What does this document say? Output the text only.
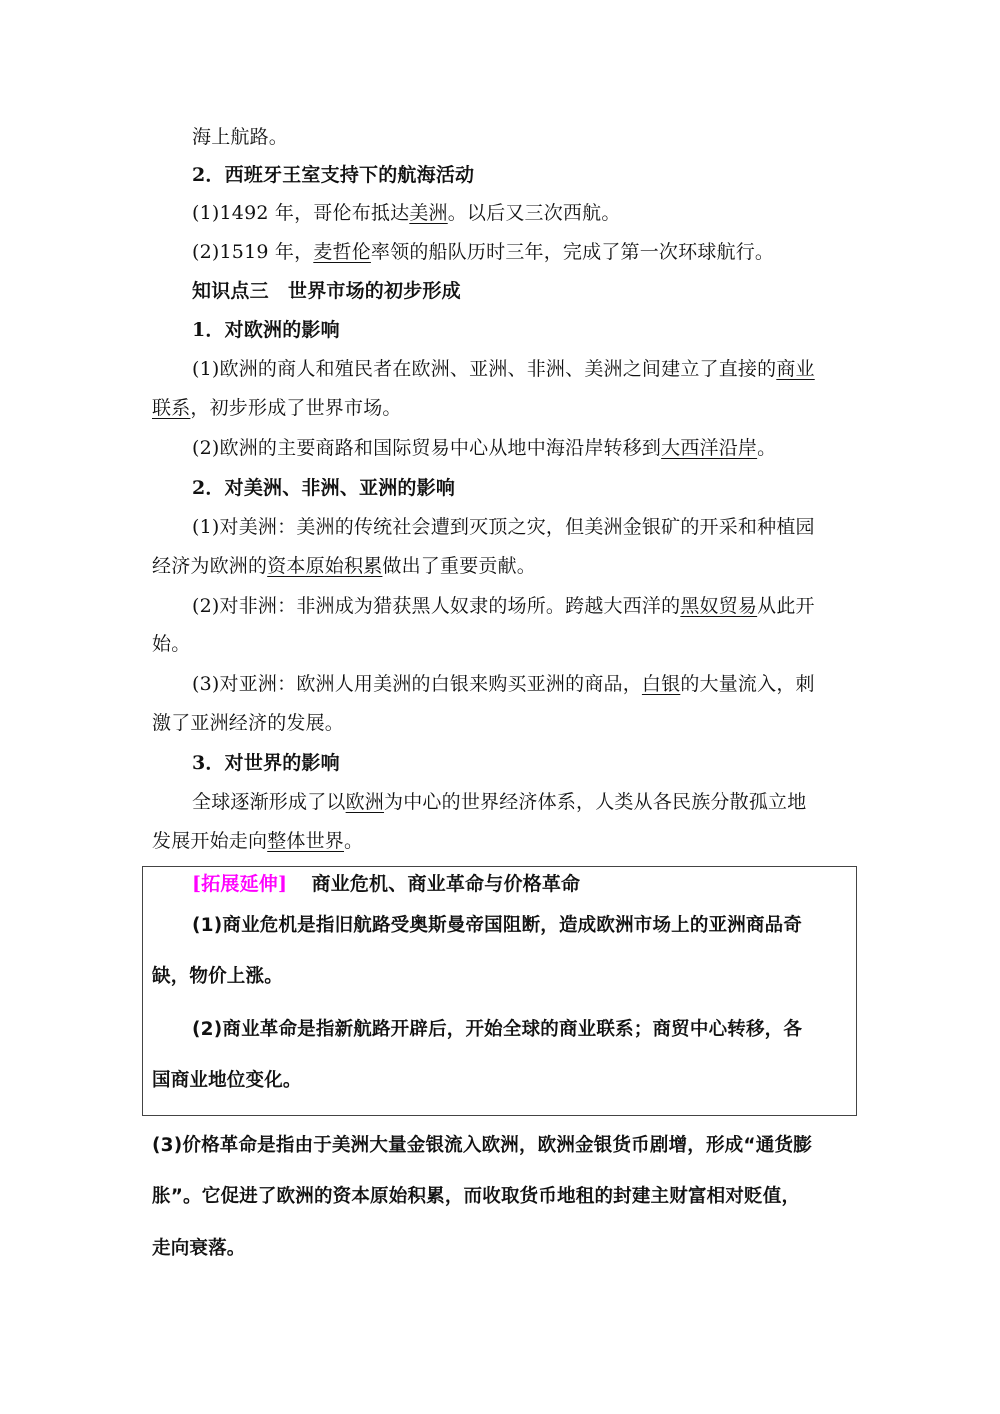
海上航路。
2．西班牙王室支持下的航海活动
(1)1492 年，哥伦布抵达美洲。以后又三次西航。
(2)1519 年，麦哲伦率领的船队历时三年，完成了第一次环球航行。
知识点三　世界市场的初步形成
1．对欧洲的影响
(1)欧洲的商人和殖民者在欧洲、亚洲、非洲、美洲之间建立了直接的商业
联系，初步形成了世界市场。
(2)欧洲的主要商路和国际贸易中心从地中海沿岸转移到大西洋沿岸。
2．对美洲、非洲、亚洲的影响
(1)对美洲：美洲的传统社会遭到灭顶之灾，但美洲金银矿的开采和种植园
经济为欧洲的资本原始积累做出了重要贡献。
(2)对非洲：非洲成为猎获黑人奴隶的场所。跨越大西洋的黑奴贸易从此开
始。
(3)对亚洲：欧洲人用美洲的白银来购买亚洲的商品，白银的大量流入，刺
激了亚洲经济的发展。
3．对世界的影响
全球逐渐形成了以欧洲为中心的世界经济体系，人类从各民族分散孤立地
发展开始走向整体世界。
[拓展延伸] 商业危机、商业革命与价格革命
(1)商业危机是指旧航路受奥斯曼帝国阻断，造成欧洲市场上的亚洲商品奇
缺，物价上涨。
(2)商业革命是指新航路开辟后，开始全球的商业联系；商贸中心转移，各
国商业地位变化。
(3)价格革命是指由于美洲大量金银流入欧洲，欧洲金银货币剧增，形成“通货膨
胀”。它促进了欧洲的资本原始积累，而收取货币地租的封建主财富相对贬值，
走向衰落。
